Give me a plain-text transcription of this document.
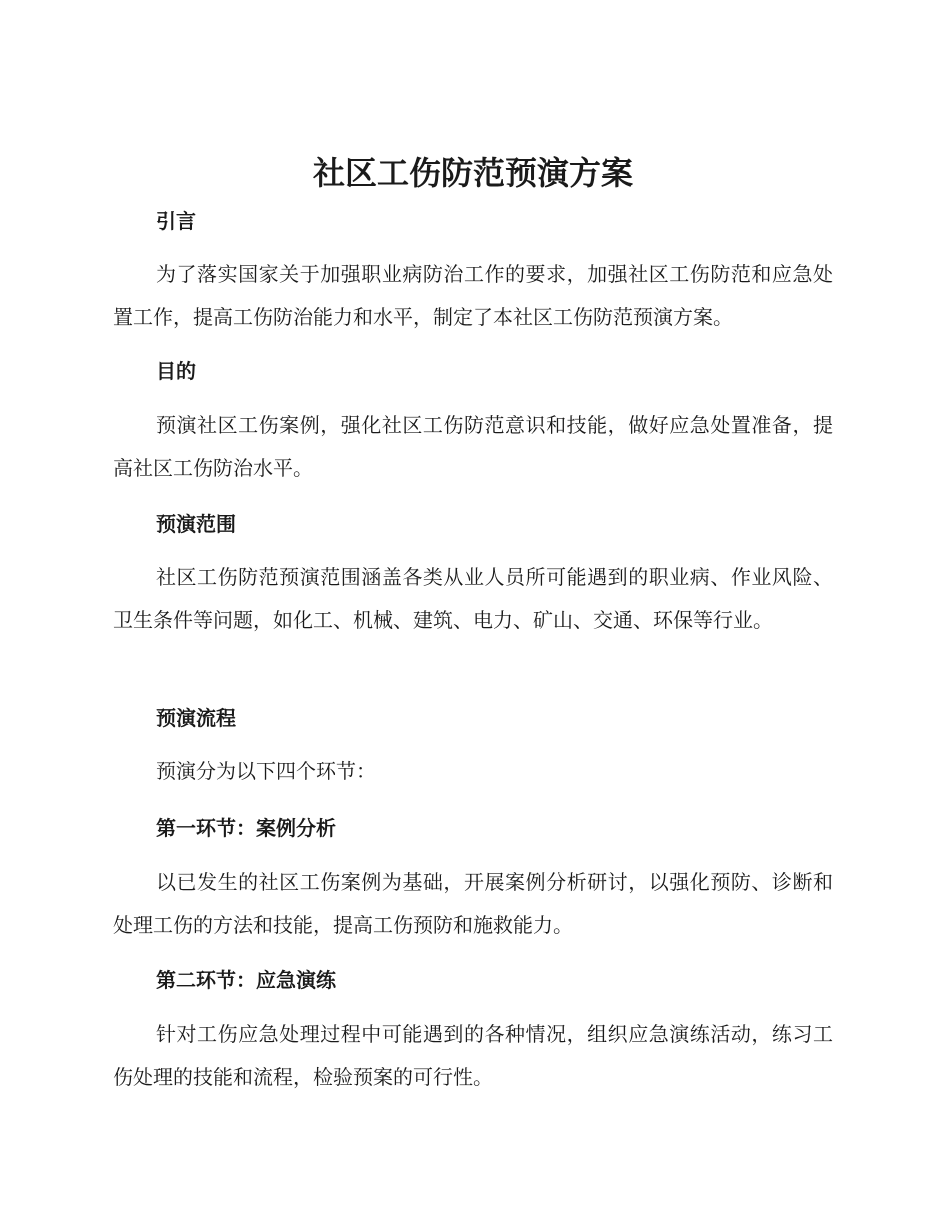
社区工伤防范预演方案
引言

为了落实国家关于加强职业病防治工作的要求，加强社区工伤防范和应急处置工作，提高工伤防治能力和水平，制定了本社区工伤防范预演方案。

目的

预演社区工伤案例，强化社区工伤防范意识和技能，做好应急处置准备，提高社区工伤防治水平。

预演范围

社区工伤防范预演范围涵盖各类从业人员所可能遇到的职业病、作业风险、卫生条件等问题，如化工、机械、建筑、电力、矿山、交通、环保等行业。

预演流程

预演分为以下四个环节：

第一环节：案例分析

以已发生的社区工伤案例为基础，开展案例分析研讨，以强化预防、诊断和处理工伤的方法和技能，提高工伤预防和施救能力。

第二环节：应急演练

针对工伤应急处理过程中可能遇到的各种情况，组织应急演练活动，练习工伤处理的技能和流程，检验预案的可行性。
